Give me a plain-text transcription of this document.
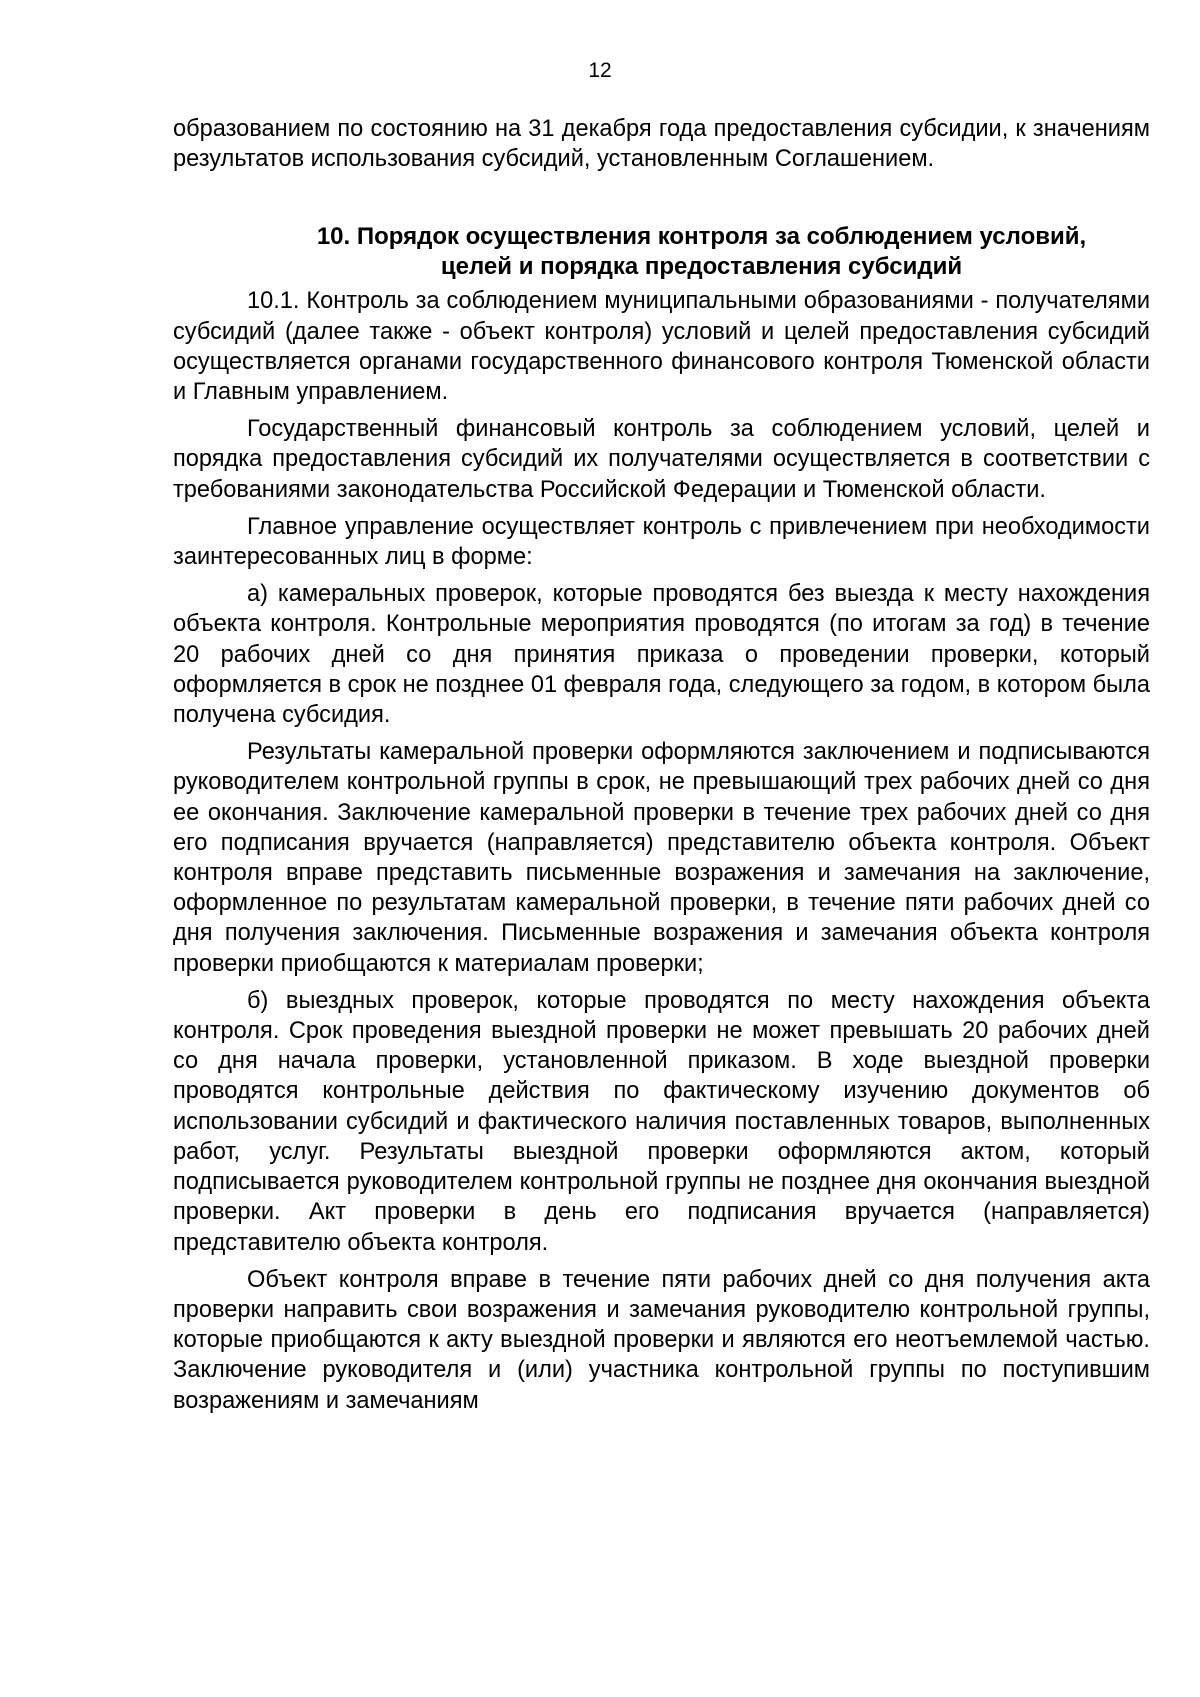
12

образованием по состоянию на 31 декабря года предоставления субсидии, к значениям результатов использования субсидий, установленным Соглашением.

10. Порядок осуществления контроля за соблюдением условий,
целей и порядка предоставления субсидий

10.1. Контроль за соблюдением муниципальными образованиями - получателями субсидий (далее также - объект контроля) условий и целей предоставления субсидий осуществляется органами государственного финансового контроля Тюменской области и Главным управлением.

Государственный финансовый контроль за соблюдением условий, целей и порядка предоставления субсидий их получателями осуществляется в соответствии с требованиями законодательства Российской Федерации и Тюменской области.

Главное управление осуществляет контроль с привлечением при необходимости заинтересованных лиц в форме:

а) камеральных проверок, которые проводятся без выезда к месту нахождения объекта контроля. Контрольные мероприятия проводятся (по итогам за год) в течение 20 рабочих дней со дня принятия приказа о проведении проверки, который оформляется в срок не позднее 01 февраля года, следующего за годом, в котором была получена субсидия.

Результаты камеральной проверки оформляются заключением и подписываются руководителем контрольной группы в срок, не превышающий трех рабочих дней со дня ее окончания. Заключение камеральной проверки в течение трех рабочих дней со дня его подписания вручается (направляется) представителю объекта контроля. Объект контроля вправе представить письменные возражения и замечания на заключение, оформленное по результатам камеральной проверки, в течение пяти рабочих дней со дня получения заключения. Письменные возражения и замечания объекта контроля проверки приобщаются к материалам проверки;

б) выездных проверок, которые проводятся по месту нахождения объекта контроля. Срок проведения выездной проверки не может превышать 20 рабочих дней со дня начала проверки, установленной приказом. В ходе выездной проверки проводятся контрольные действия по фактическому изучению документов об использовании субсидий и фактического наличия поставленных товаров, выполненных работ, услуг. Результаты выездной проверки оформляются актом, который подписывается руководителем контрольной группы не позднее дня окончания выездной проверки. Акт проверки в день его подписания вручается (направляется) представителю объекта контроля.

Объект контроля вправе в течение пяти рабочих дней со дня получения акта проверки направить свои возражения и замечания руководителю контрольной группы, которые приобщаются к акту выездной проверки и являются его неотъемлемой частью. Заключение руководителя и (или) участника контрольной группы по поступившим возражениям и замечаниям
